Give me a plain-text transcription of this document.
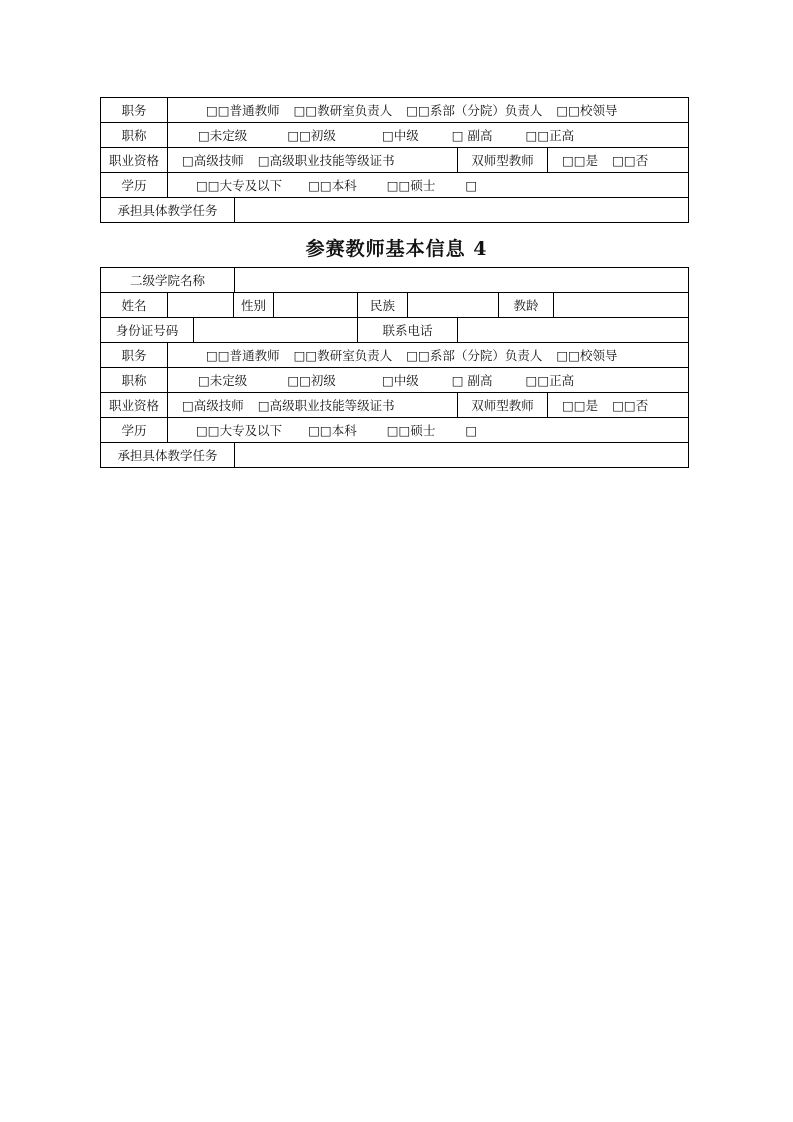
职务	□□普通教师 □□教研室负责人 □□系部（分院）负责人 □□校领导
职称	□未定级	□□初级	□中级	□ 副高	□□正高
职业资格	□高级技师 □高级职业技能等级证书	双师型教师	□□是 □□否
学历	□□大专及以下 □□本科 □□硕士 □
承担具体教学任务
参赛教师基本信息 4
二级学院名称
姓名	性别	民族	教龄
身份证号码	联系电话
职务	□□普通教师 □□教研室负责人 □□系部（分院）负责人 □□校领导
职称	□未定级	□□初级	□中级	□ 副高	□□正高
职业资格	□高级技师 □高级职业技能等级证书	双师型教师	□□是 □□否
学历	□□大专及以下 □□本科 □□硕士 □
承担具体教学任务
